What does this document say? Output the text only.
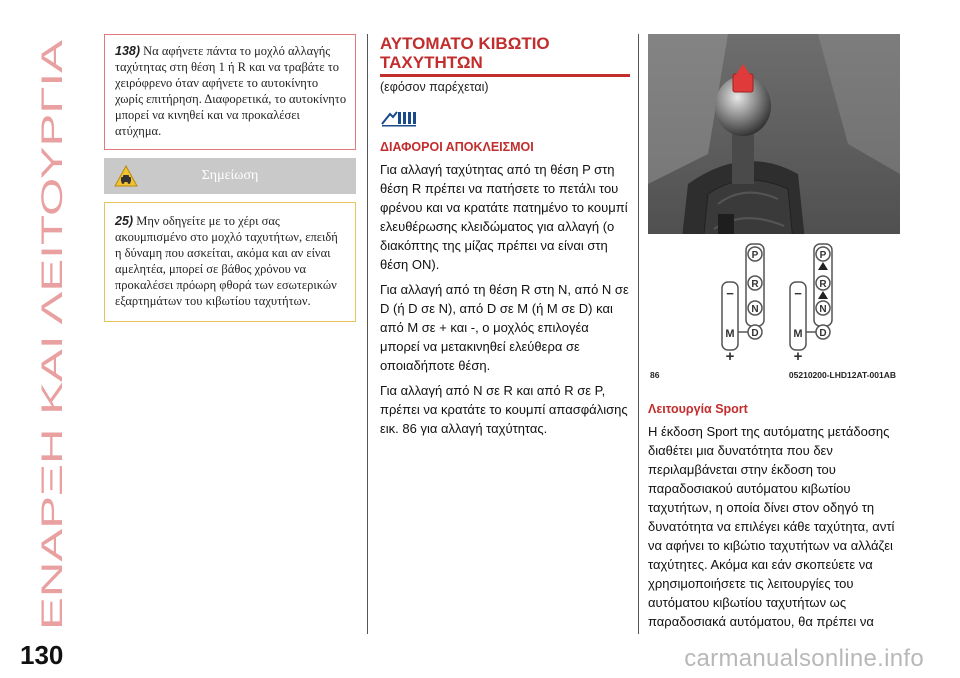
ΕΝΑΡΞΗ ΚΑΙ ΛΕΙΤΟΥΡΓΙΑ
130
138) Να αφήνετε πάντα το μοχλό αλλαγής ταχύτητας στη θέση 1 ή R και να τραβάτε το χειρόφρενο όταν αφήνετε το αυτοκίνητο χωρίς επιτήρηση. Διαφορετικά, το αυτοκίνητο μπορεί να κινηθεί και να προκαλέσει ατύχημα.
Σημείωση
25) Μην οδηγείτε με το χέρι σας ακουμπισμένο στο μοχλό ταχυτήτων, επειδή η δύναμη που ασκείται, ακόμα και αν είναι αμελητέα, μπορεί σε βάθος χρόνου να προκαλέσει πρόωρη φθορά των εσωτερικών εξαρτημάτων του κιβωτίου ταχυτήτων.
ΑΥΤΟΜΑΤΟ ΚΙΒΩΤΙΟ
ΤΑΧΥΤΗΤΩΝ
(εφόσον παρέχεται)
ΔΙΑΦΟΡΟΙ ΑΠΟΚΛΕΙΣΜΟΙ

Για αλλαγή ταχύτητας από τη θέση P στη θέση R πρέπει να πατήσετε το πετάλι του φρένου και να κρατάτε πατημένο το κουμπί ελευθέρωσης κλειδώματος για αλλαγή (ο διακόπτης της μίζας πρέπει να είναι στη θέση ON).

Για αλλαγή από τη θέση R στη N, από N σε D (ή D σε N), από D σε M (ή M σε D) και από M σε + και -, ο μοχλός επιλογέα μπορεί να μετακινηθεί ελεύθερα σε οποιαδήποτε θέση.

Για αλλαγή από N σε R και από R σε P, πρέπει να κρατάτε το κουμπί απασφάλισης εικ. 86 για αλλαγή ταχύτητας.

P
R
N
D
−
M
+
P
R
N
D
−
M
+
86	05210200-LHD12AT-001AB
Λειτουργία Sport

Η έκδοση Sport της αυτόματης μετάδοσης διαθέτει μια δυνατότητα που δεν περιλαμβάνεται στην έκδοση του παραδοσιακού αυτόματου κιβωτίου ταχυτήτων, η οποία δίνει στον οδηγό τη δυνατότητα να επιλέγει κάθε ταχύτητα, αντί να αφήνει το κιβώτιο ταχυτήτων να αλλάζει ταχύτητες. Ακόμα και εάν σκοπεύετε να χρησιμοποιήσετε τις λειτουργίες του αυτόματου κιβωτίου ταχυτήτων ως παραδοσιακά αυτόματου, θα πρέπει να

carmanualsonline.info
